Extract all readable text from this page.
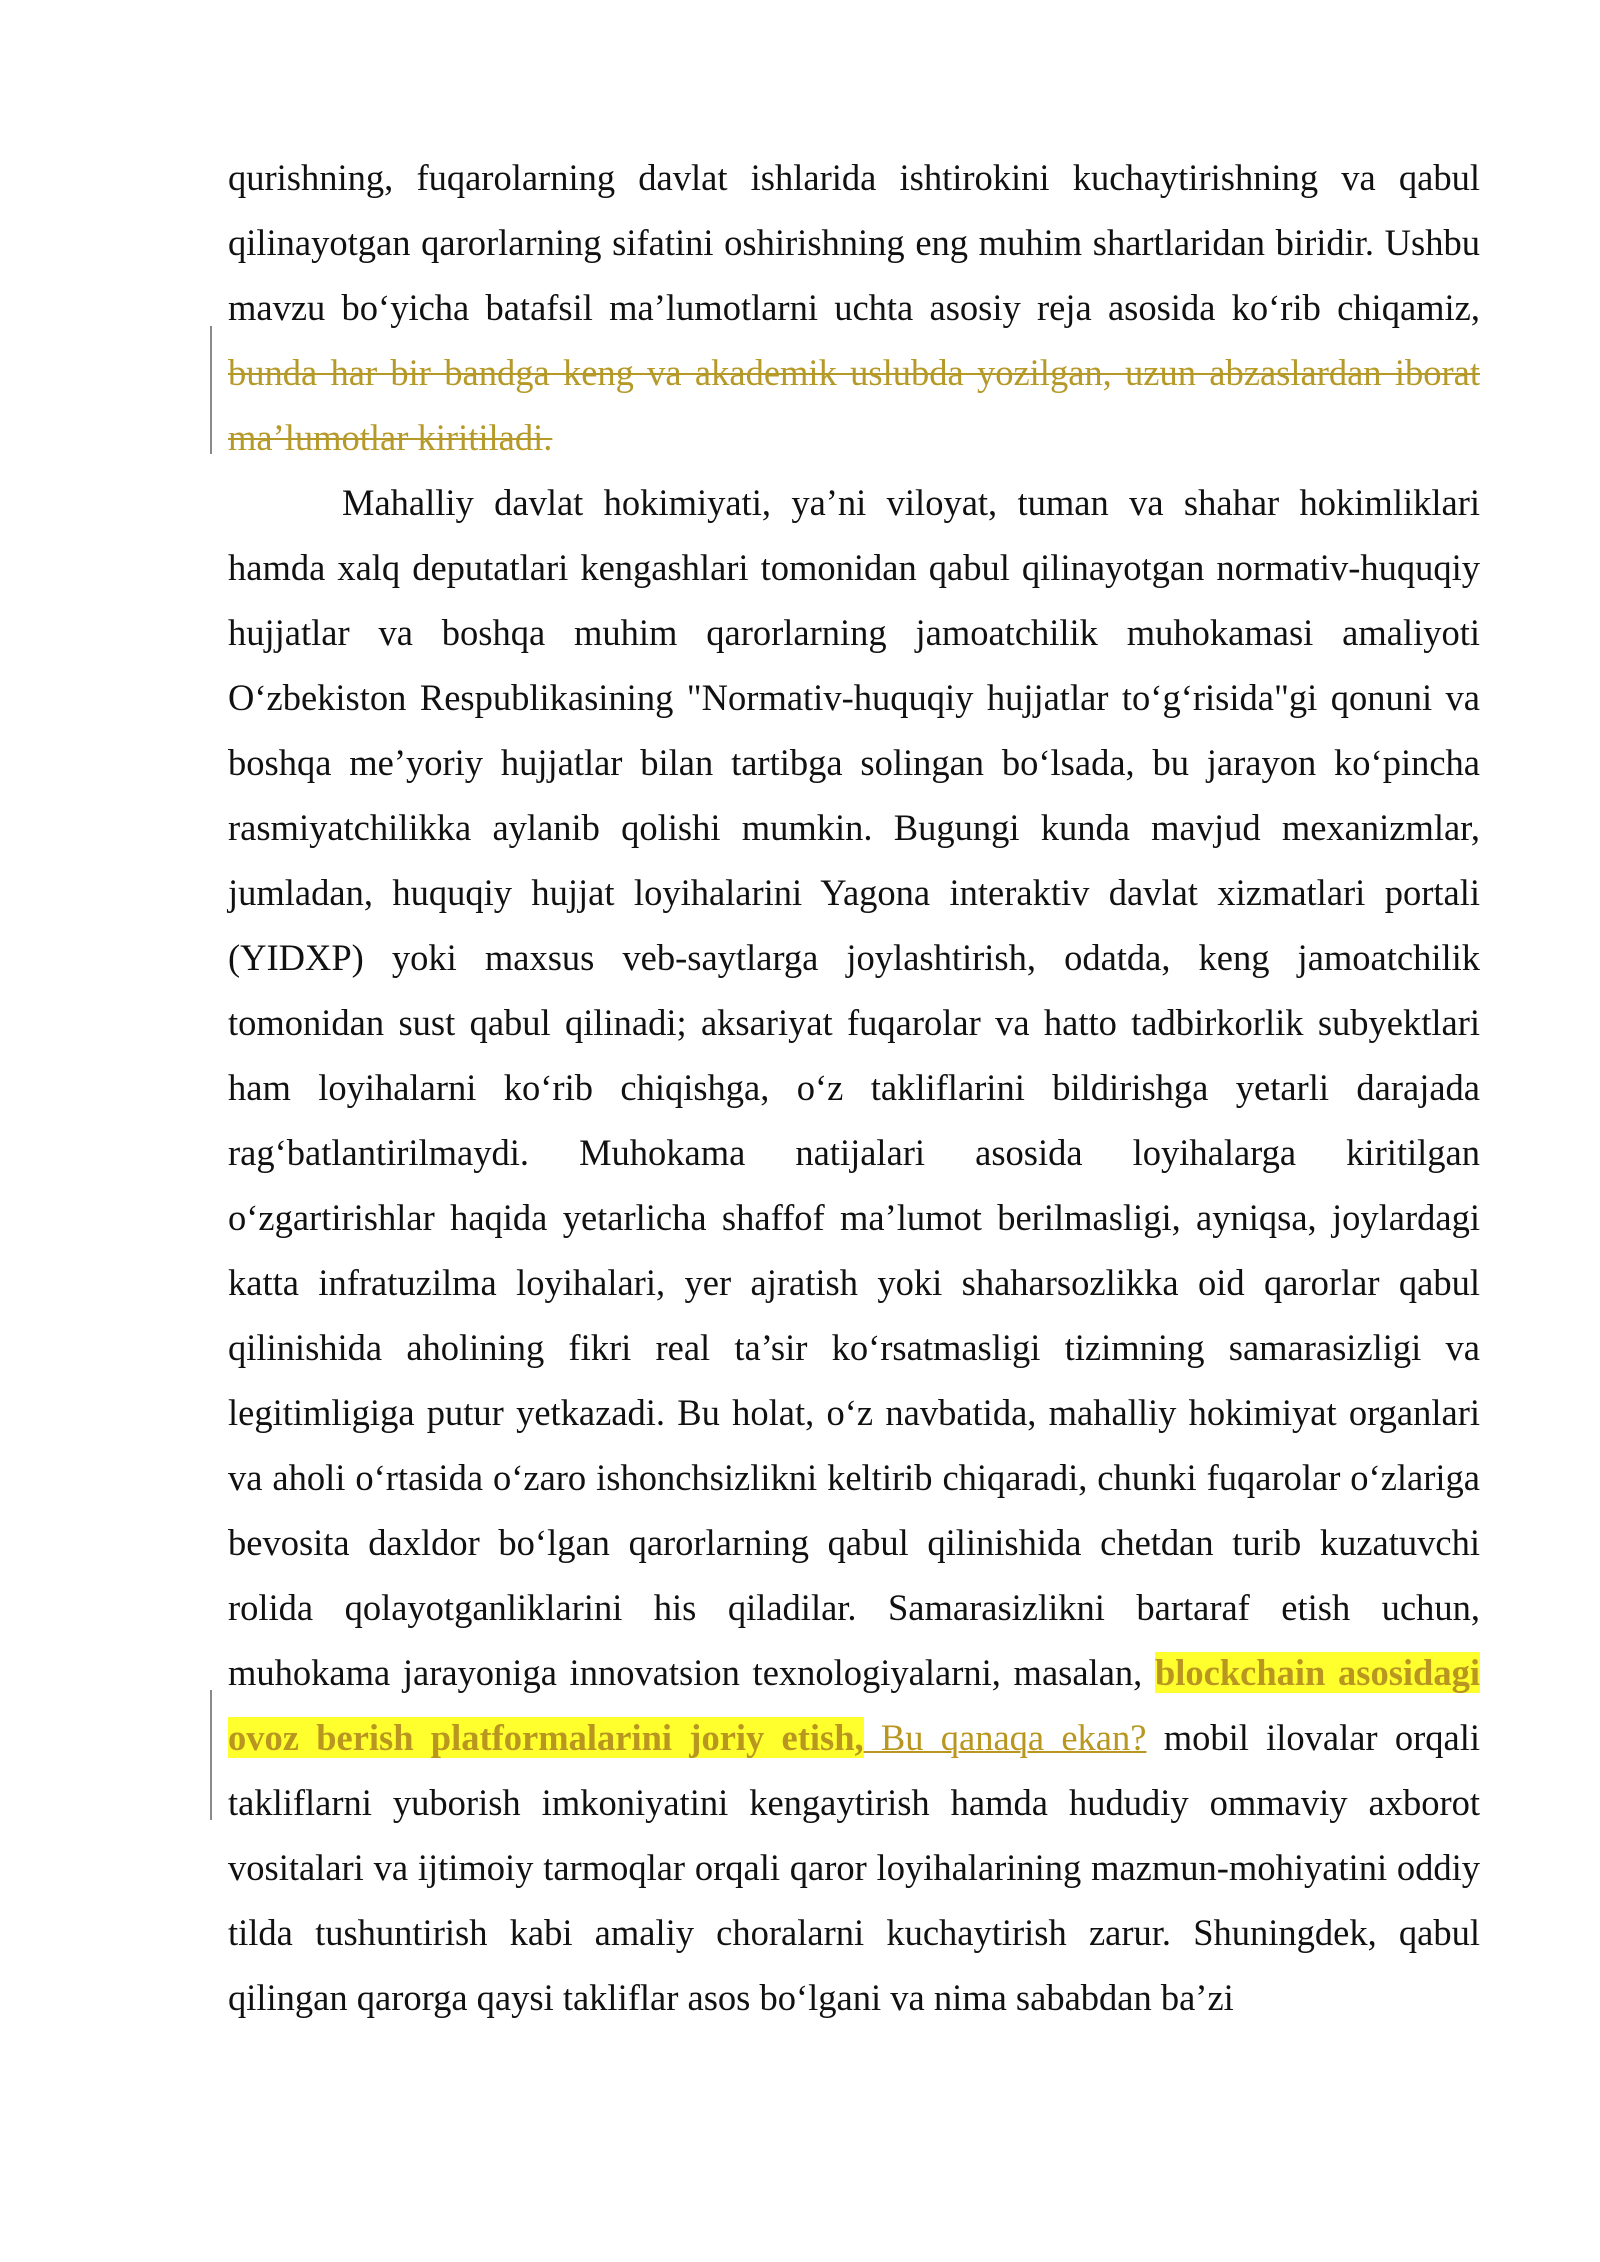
qurishning, fuqarolarning davlat ishlarida ishtirokini kuchaytirishning va qabul qilinayotgan qarorlarning sifatini oshirishning eng muhim shartlaridan biridir. Ushbu mavzu bo‘yicha batafsil ma’lumotlarni uchta asosiy reja asosida ko‘rib chiqamiz, bunda har bir bandga keng va akademik uslubda yozilgan, uzun abzaslardan iborat ma’lumotlar kiritiladi.

Mahalliy davlat hokimiyati, ya’ni viloyat, tuman va shahar hokimliklari hamda xalq deputatlari kengashlari tomonidan qabul qilinayotgan normativ-huquqiy hujjatlar va boshqa muhim qarorlarning jamoatchilik muhokamasi amaliyoti O‘zbekiston Respublikasining "Normativ-huquqiy hujjatlar to‘g‘risida"gi qonuni va boshqa me’yoriy hujjatlar bilan tartibga solingan bo‘lsada, bu jarayon ko‘pincha rasmiyatchilikka aylanib qolishi mumkin. Bugungi kunda mavjud mexanizmlar, jumladan, huquqiy hujjat loyihalarini Yagona interaktiv davlat xizmatlari portali (YIDXP) yoki maxsus veb-saytlarga joylashtirish, odatda, keng jamoatchilik tomonidan sust qabul qilinadi; aksariyat fuqarolar va hatto tadbirkorlik subyektlari ham loyihalarni ko‘rib chiqishga, o‘z takliflarini bildirishga yetarli darajada rag‘batlantirilmaydi. Muhokama natijalari asosida loyihalarga kiritilgan o‘zgartirishlar haqida yetarlicha shaffof ma’lumot berilmasligi, ayniqsa, joylardagi katta infratuzilma loyihalari, yer ajratish yoki shaharsozlikka oid qarorlar qabul qilinishida aholining fikri real ta’sir ko‘rsatmasligi tizimning samarasizligi va legitimligiga putur yetkazadi. Bu holat, o‘z navbatida, mahalliy hokimiyat organlari va aholi o‘rtasida o‘zaro ishonchsizlikni keltirib chiqaradi, chunki fuqarolar o‘zlariga bevosita daxldor bo‘lgan qarorlarning qabul qilinishida chetdan turib kuzatuvchi rolida qolayotganliklarini his qiladilar. Samarasizlikni bartaraf etish uchun, muhokama jarayoniga innovatsion texnologiyalarni, masalan, blockchain asosidagi ovoz berish platformalarini joriy etish, Bu qanaqa ekan? mobil ilovalar orqali takliflarni yuborish imkoniyatini kengaytirish hamda hududiy ommaviy axborot vositalari va ijtimoiy tarmoqlar orqali qaror loyihalarining mazmun-mohiyatini oddiy tilda tushuntirish kabi amaliy choralarni kuchaytirish zarur. Shuningdek, qabul qilingan qarorga qaysi takliflar asos bo‘lgani va nima sababdan ba’zi
